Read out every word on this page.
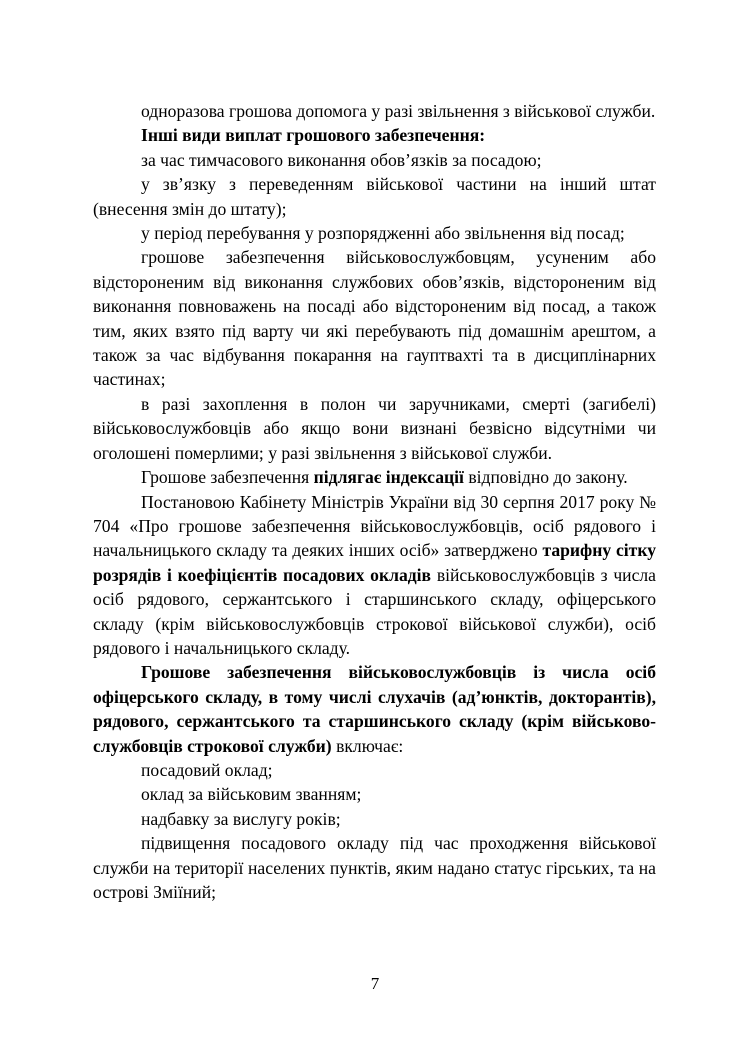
одноразова грошова допомога у разі звільнення з військової служби.

Інші види виплат грошового забезпечення:

за час тимчасового виконання обов’язків за посадою;

у зв’язку з переведенням військової частини на інший штат (внесення змін до штату);

у період перебування у розпорядженні або звільнення від посад;

грошове забезпечення військовослужбовцям, усуненим або відстороненим від виконання службових обов’язків, відстороненим від виконання повноважень на посаді або відстороненим від посад, а також тим, яких взято під варту чи які перебувають під домашнім арештом, а також за час відбування покарання на гауптвахті та в дисциплінарних частинах;

в разі захоплення в полон чи заручниками, смерті (загибелі) військовослужбовців або якщо вони визнані безвісно відсутніми чи оголошені померлими; у разі звільнення з військової служби.

Грошове забезпечення підлягає індексації відповідно до закону.

Постановою Кабінету Міністрів України від 30 серпня 2017 року № 704 «Про грошове забезпечення військовослужбовців, осіб рядового і начальницького складу та деяких інших осіб» затверджено тарифну сітку розрядів і коефіцієнтів посадових окладів військовослужбовців з числа осіб рядового, сержантського і старшинського складу, офіцерського складу (крім військовослужбовців строкової військової служби), осіб рядового і начальницького складу.

Грошове забезпечення військовослужбовців із числа осіб офіцерського складу, в тому числі слухачів (ад’юнктів, докторантів), рядового, сержантського та старшинського складу (крім військово-службовців строкової служби) включає:

посадовий оклад;

оклад за військовим званням;

надбавку за вислугу років;

підвищення посадового окладу під час проходження військової служби на території населених пунктів, яким надано статус гірських, та на острові Зміїний;

7
